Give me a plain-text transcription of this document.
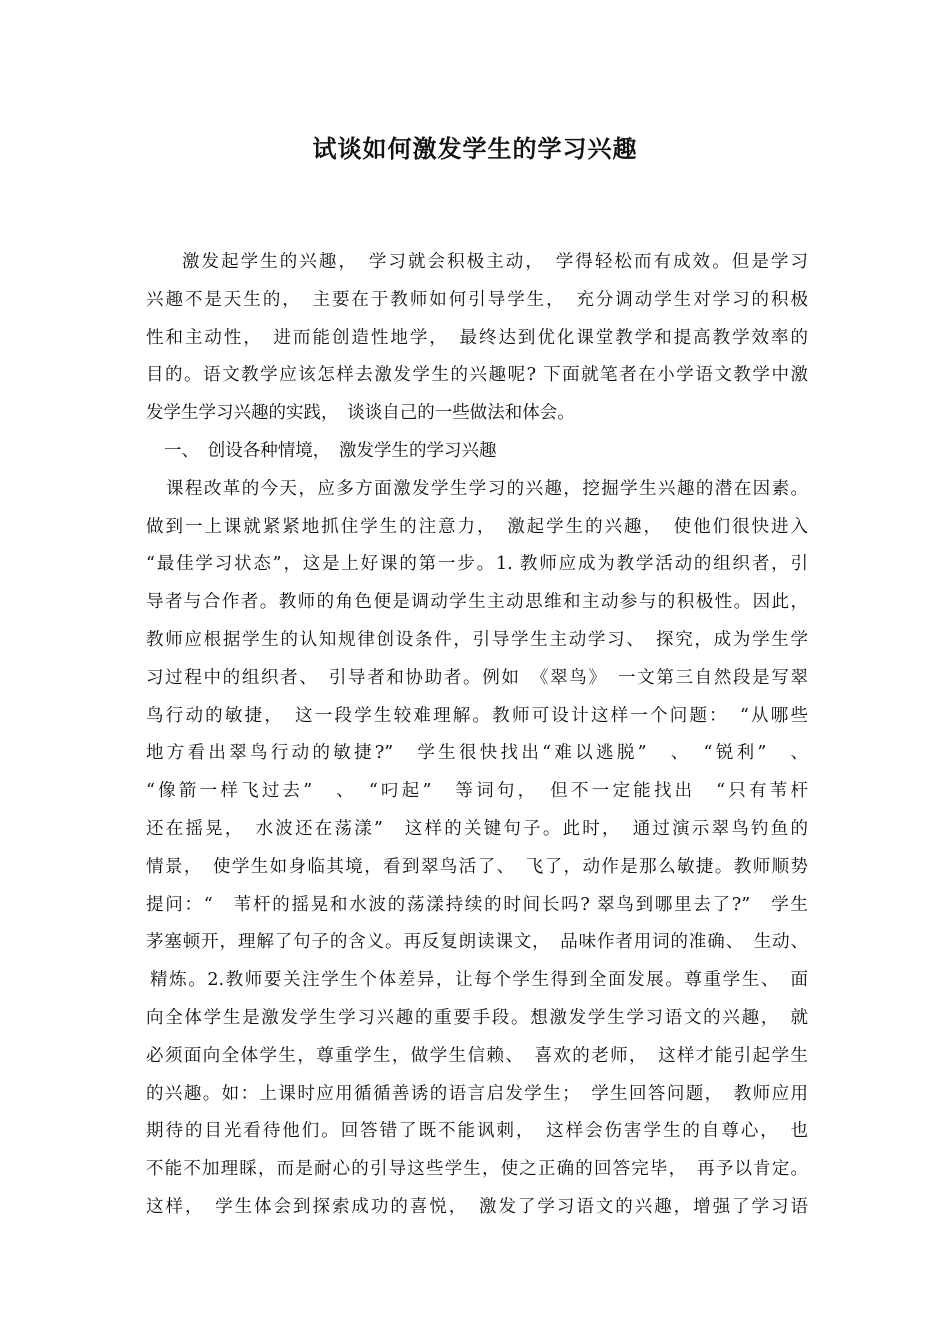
试谈如何激发学生的学习兴趣
激发起学生的兴趣，　学习就会积极主动，　学得轻松而有成效。但是学习
兴趣不是天生的，　主要在于教师如何引导学生，　充分调动学生对学习的积极
性和主动性，　进而能创造性地学，　最终达到优化课堂教学和提高教学效率的
目的。语文教学应该怎样去激发学生的兴趣呢? 下面就笔者在小学语文教学中激
发学生学习兴趣的实践，　谈谈自己的一些做法和体会。
一、　创设各种情境，　激发学生的学习兴趣
课程改革的今天，应多方面激发学生学习的兴趣，挖掘学生兴趣的潜在因素。
做到一上课就紧紧地抓住学生的注意力，　激起学生的兴趣，　使他们很快进入
“最佳学习状态”，这是上好课的第一步。1. 教师应成为教学活动的组织者，引
导者与合作者。教师的角色便是调动学生主动思维和主动参与的积极性。因此，
教师应根据学生的认知规律创设条件，引导学生主动学习、　探究，成为学生学
习过程中的组织者、　引导者和协助者。例如　《翠鸟》　一文第三自然段是写翠
鸟行动的敏捷，　这一段学生较难理解。教师可设计这样一个问题：　“从哪些
地方看出翠鸟行动的敏捷?”　学生很快找出“难以逃脱”　、　“锐利”　、
“像箭一样飞过去”　、　“叼起”　等词句，　但不一定能找出　“只有苇杆
还在摇晃，　水波还在荡漾”　这样的关键句子。此时，　通过演示翠鸟钓鱼的
情景，　使学生如身临其境，看到翠鸟活了、　飞了，动作是那么敏捷。教师顺势
提问：“　苇杆的摇晃和水波的荡漾持续的时间长吗? 翠鸟到哪里去了?”　学生
茅塞顿开，理解了句子的含义。再反复朗读课文，　品味作者用词的准确、　生动、
精炼。2.教师要关注学生个体差异，让每个学生得到全面发展。尊重学生、　面
向全体学生是激发学生学习兴趣的重要手段。想激发学生学习语文的兴趣，　就
必须面向全体学生，尊重学生，做学生信赖、　喜欢的老师，　这样才能引起学生
的兴趣。如：上课时应用循循善诱的语言启发学生；　学生回答问题，　教师应用
期待的目光看待他们。回答错了既不能讽刺，　这样会伤害学生的自尊心，　也
不能不加理睬，而是耐心的引导这些学生，使之正确的回答完毕，　再予以肯定。
这样，　学生体会到探索成功的喜悦，　激发了学习语文的兴趣，增强了学习语
